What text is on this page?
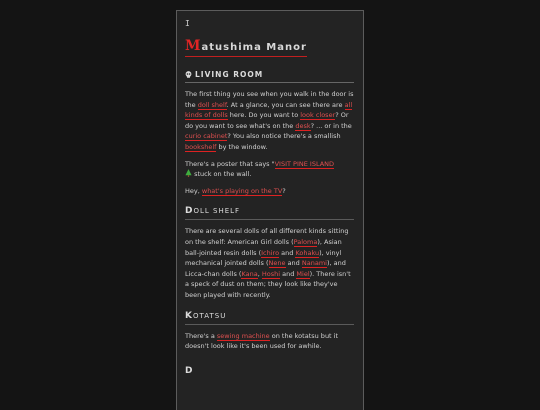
I
Matushima Manor
LIVING ROOM

The first thing you see when you walk in the door is the doll shelf. At a glance, you can see there are all kinds of dolls here. Do you want to look closer? Or do you want to see what's on the desk? ... or in the curio cabinet? You also notice there's a smallish bookshelf by the window.

There's a poster that says "VISIT PINE ISLAND
stuck on the wall.

Hey, what's playing on the TV?

DOLL SHELF

There are several dolls of all different kinds sitting on the shelf: American Girl dolls (Paloma), Asian ball-jointed resin dolls (Ichiro and Kohaku), vinyl mechanical jointed dolls (Nene and Nanami), and Licca-chan dolls (Kana, Hoshi and Miel). There isn't a speck of dust on them; they look like they've been played with recently.

KOTATSU

There's a sewing machine on the kotatsu but it doesn't look like it's been used for awhile.

D
